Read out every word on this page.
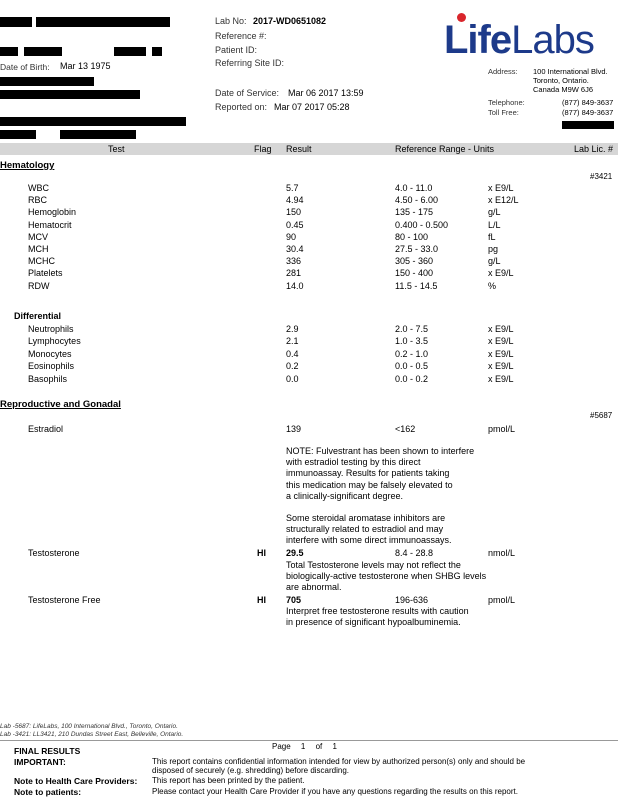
Date of Birth: Mar 13 1975
Lab No: 2017-WD0651082
Reference #:
Patient ID:
Referring Site ID:
Date of Service: Mar 06 2017 13:59
Reported on: Mar 07 2017 05:28
LifeLabs
Address: 100 International Blvd.
Toronto, Ontario.
Canada M9W 6J6
Telephone:	(877) 849-3637
Toll Free:	(877) 849-3637
Test	Flag Result	Reference Range - Units	Lab Lic. #
Hematology
#3421
WBC	5.7	4.0 - 11.0	x E9/L
RBC	4.94	4.50 - 6.00	x E12/L
Hemoglobin	150	135 - 175	g/L
Hematocrit	0.45	0.400 - 0.500	L/L
MCV	90	80 - 100	fL
MCH	30.4	27.5 - 33.0	pg
MCHC	336	305 - 360	g/L
Platelets	281	150 - 400	x E9/L
RDW	14.0	11.5 - 14.5	%
Differential
Neutrophils	2.9	2.0 - 7.5	x E9/L
Lymphocytes	2.1	1.0 - 3.5	x E9/L
Monocytes	0.4	0.2 - 1.0	x E9/L
Eosinophils	0.2	0.0 - 0.5	x E9/L
Basophils	0.0	0.0 - 0.2	x E9/L
Reproductive and Gonadal
#5687
Estradiol	139	<162	pmol/L
NOTE: Fulvestrant has been shown to interfere
with estradiol testing by this direct
immunoassay. Results for patients taking
this medication may be falsely elevated to
a clinically-significant degree.
Some steroidal aromatase inhibitors are
structurally related to estradiol and may
interfere with some direct immunoassays.
Testosterone	HI 29.5	8.4 - 28.8	nmol/L
Total Testosterone levels may not reflect the
biologically-active testosterone when SHBG levels
are abnormal.
Testosterone Free	HI 705	196-636	pmol/L
Interpret free testosterone results with caution
in presence of significant hypoalbuminemia.
Lab -5687: LifeLabs, 100 International Blvd., Toronto, Ontario.
Lab -3421: LL3421, 210 Dundas Street East, Belleville, Ontario.
FINAL RESULTS	Page 1 of 1
IMPORTANT:	This report contains confidential information intended for view by authorized person(s) only and should be
disposed of securely (e.g. shredding) before discarding.
Note to Health Care Providers: This report has been printed by the patient.
Note to patients:	Please contact your Health Care Provider if you have any questions regarding the results on this report.
